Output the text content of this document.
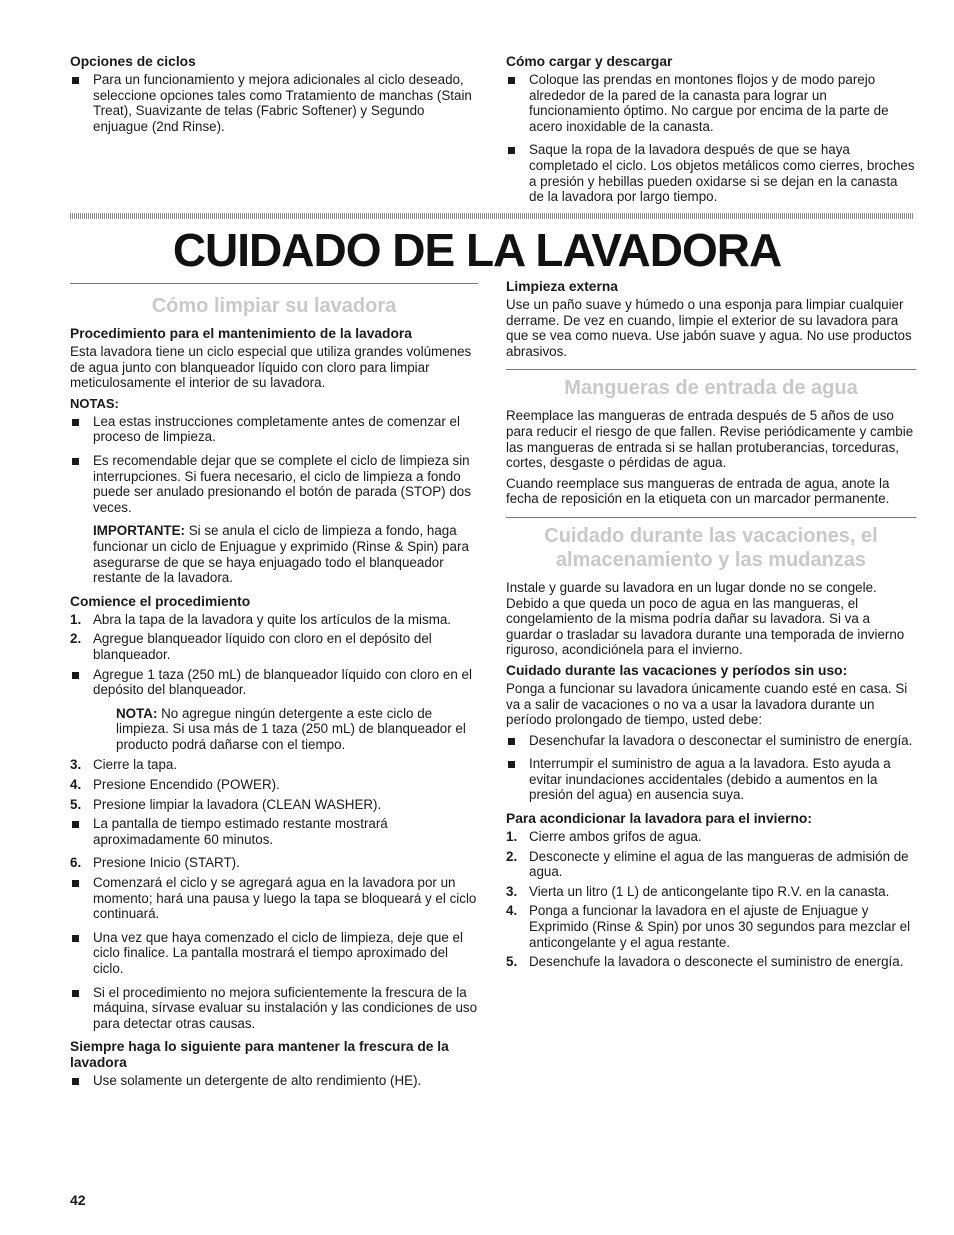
Opciones de ciclos
Para un funcionamiento y mejora adicionales al ciclo deseado, seleccione opciones tales como Tratamiento de manchas (Stain Treat), Suavizante de telas (Fabric Softener) y Segundo enjuague (2nd Rinse).
Cómo cargar y descargar
Coloque las prendas en montones flojos y de modo parejo alrededor de la pared de la canasta para lograr un funcionamiento óptimo. No cargue por encima de la parte de acero inoxidable de la canasta.
Saque la ropa de la lavadora después de que se haya completado el ciclo. Los objetos metálicos como cierres, broches a presión y hebillas pueden oxidarse si se dejan en la canasta de la lavadora por largo tiempo.
CUIDADO DE LA LAVADORA
Cómo limpiar su lavadora
Procedimiento para el mantenimiento de la lavadora

Esta lavadora tiene un ciclo especial que utiliza grandes volúmenes de agua junto con blanqueador líquido con cloro para limpiar meticulosamente el interior de su lavadora.

NOTAS:
Lea estas instrucciones completamente antes de comenzar el proceso de limpieza.
Es recomendable dejar que se complete el ciclo de limpieza sin interrupciones. Si fuera necesario, el ciclo de limpieza a fondo puede ser anulado presionando el botón de parada (STOP) dos veces.

IMPORTANTE: Si se anula el ciclo de limpieza a fondo, haga funcionar un ciclo de Enjuague y exprimido (Rinse & Spin) para asegurarse de que se haya enjuagado todo el blanqueador restante de la lavadora.

Comience el procedimiento
1. Abra la tapa de la lavadora y quite los artículos de la misma.
2. Agregue blanqueador líquido con cloro en el depósito del blanqueador.
Agregue 1 taza (250 mL) de blanqueador líquido con cloro en el depósito del blanqueador.

NOTA: No agregue ningún detergente a este ciclo de limpieza. Si usa más de 1 taza (250 mL) de blanqueador el producto podrá dañarse con el tiempo.

3. Cierre la tapa.
4. Presione Encendido (POWER).
5. Presione limpiar la lavadora (CLEAN WASHER).
La pantalla de tiempo estimado restante mostrará aproximadamente 60 minutos.
6. Presione Inicio (START).
Comenzará el ciclo y se agregará agua en la lavadora por un momento; hará una pausa y luego la tapa se bloqueará y el ciclo continuará.
Una vez que haya comenzado el ciclo de limpieza, deje que el ciclo finalice. La pantalla mostrará el tiempo aproximado del ciclo.
Si el procedimiento no mejora suficientemente la frescura de la máquina, sírvase evaluar su instalación y las condiciones de uso para detectar otras causas.
Siempre haga lo siguiente para mantener la frescura de la lavadora
Use solamente un detergente de alto rendimiento (HE).
Limpieza externa

Use un paño suave y húmedo o una esponja para limpiar cualquier derrame. De vez en cuando, limpie el exterior de su lavadora para que se vea como nueva. Use jabón suave y agua. No use productos abrasivos.

Mangueras de entrada de agua

Reemplace las mangueras de entrada después de 5 años de uso para reducir el riesgo de que fallen. Revise periódicamente y cambie las mangueras de entrada si se hallan protuberancias, torceduras, cortes, desgaste o pérdidas de agua.

Cuando reemplace sus mangueras de entrada de agua, anote la fecha de reposición en la etiqueta con un marcador permanente.

Cuidado durante las vacaciones, el
almacenamiento y las mudanzas

Instale y guarde su lavadora en un lugar donde no se congele. Debido a que queda un poco de agua en las mangueras, el congelamiento de la misma podría dañar su lavadora. Si va a guardar o trasladar su lavadora durante una temporada de invierno riguroso, acondiciónela para el invierno.

Cuidado durante las vacaciones y períodos sin uso:

Ponga a funcionar su lavadora únicamente cuando esté en casa. Si va a salir de vacaciones o no va a usar la lavadora durante un período prolongado de tiempo, usted debe:

Desenchufar la lavadora o desconectar el suministro de energía.
Interrumpir el suministro de agua a la lavadora. Esto ayuda a evitar inundaciones accidentales (debido a aumentos en la presión del agua) en ausencia suya.
Para acondicionar la lavadora para el invierno:
1. Cierre ambos grifos de agua.
2. Desconecte y elimine el agua de las mangueras de admisión de agua.
3. Vierta un litro (1 L) de anticongelante tipo R.V. en la canasta.
4. Ponga a funcionar la lavadora en el ajuste de Enjuague y Exprimido (Rinse & Spin) por unos 30 segundos para mezclar el anticongelante y el agua restante.
5. Desenchufe la lavadora o desconecte el suministro de energía.
42
